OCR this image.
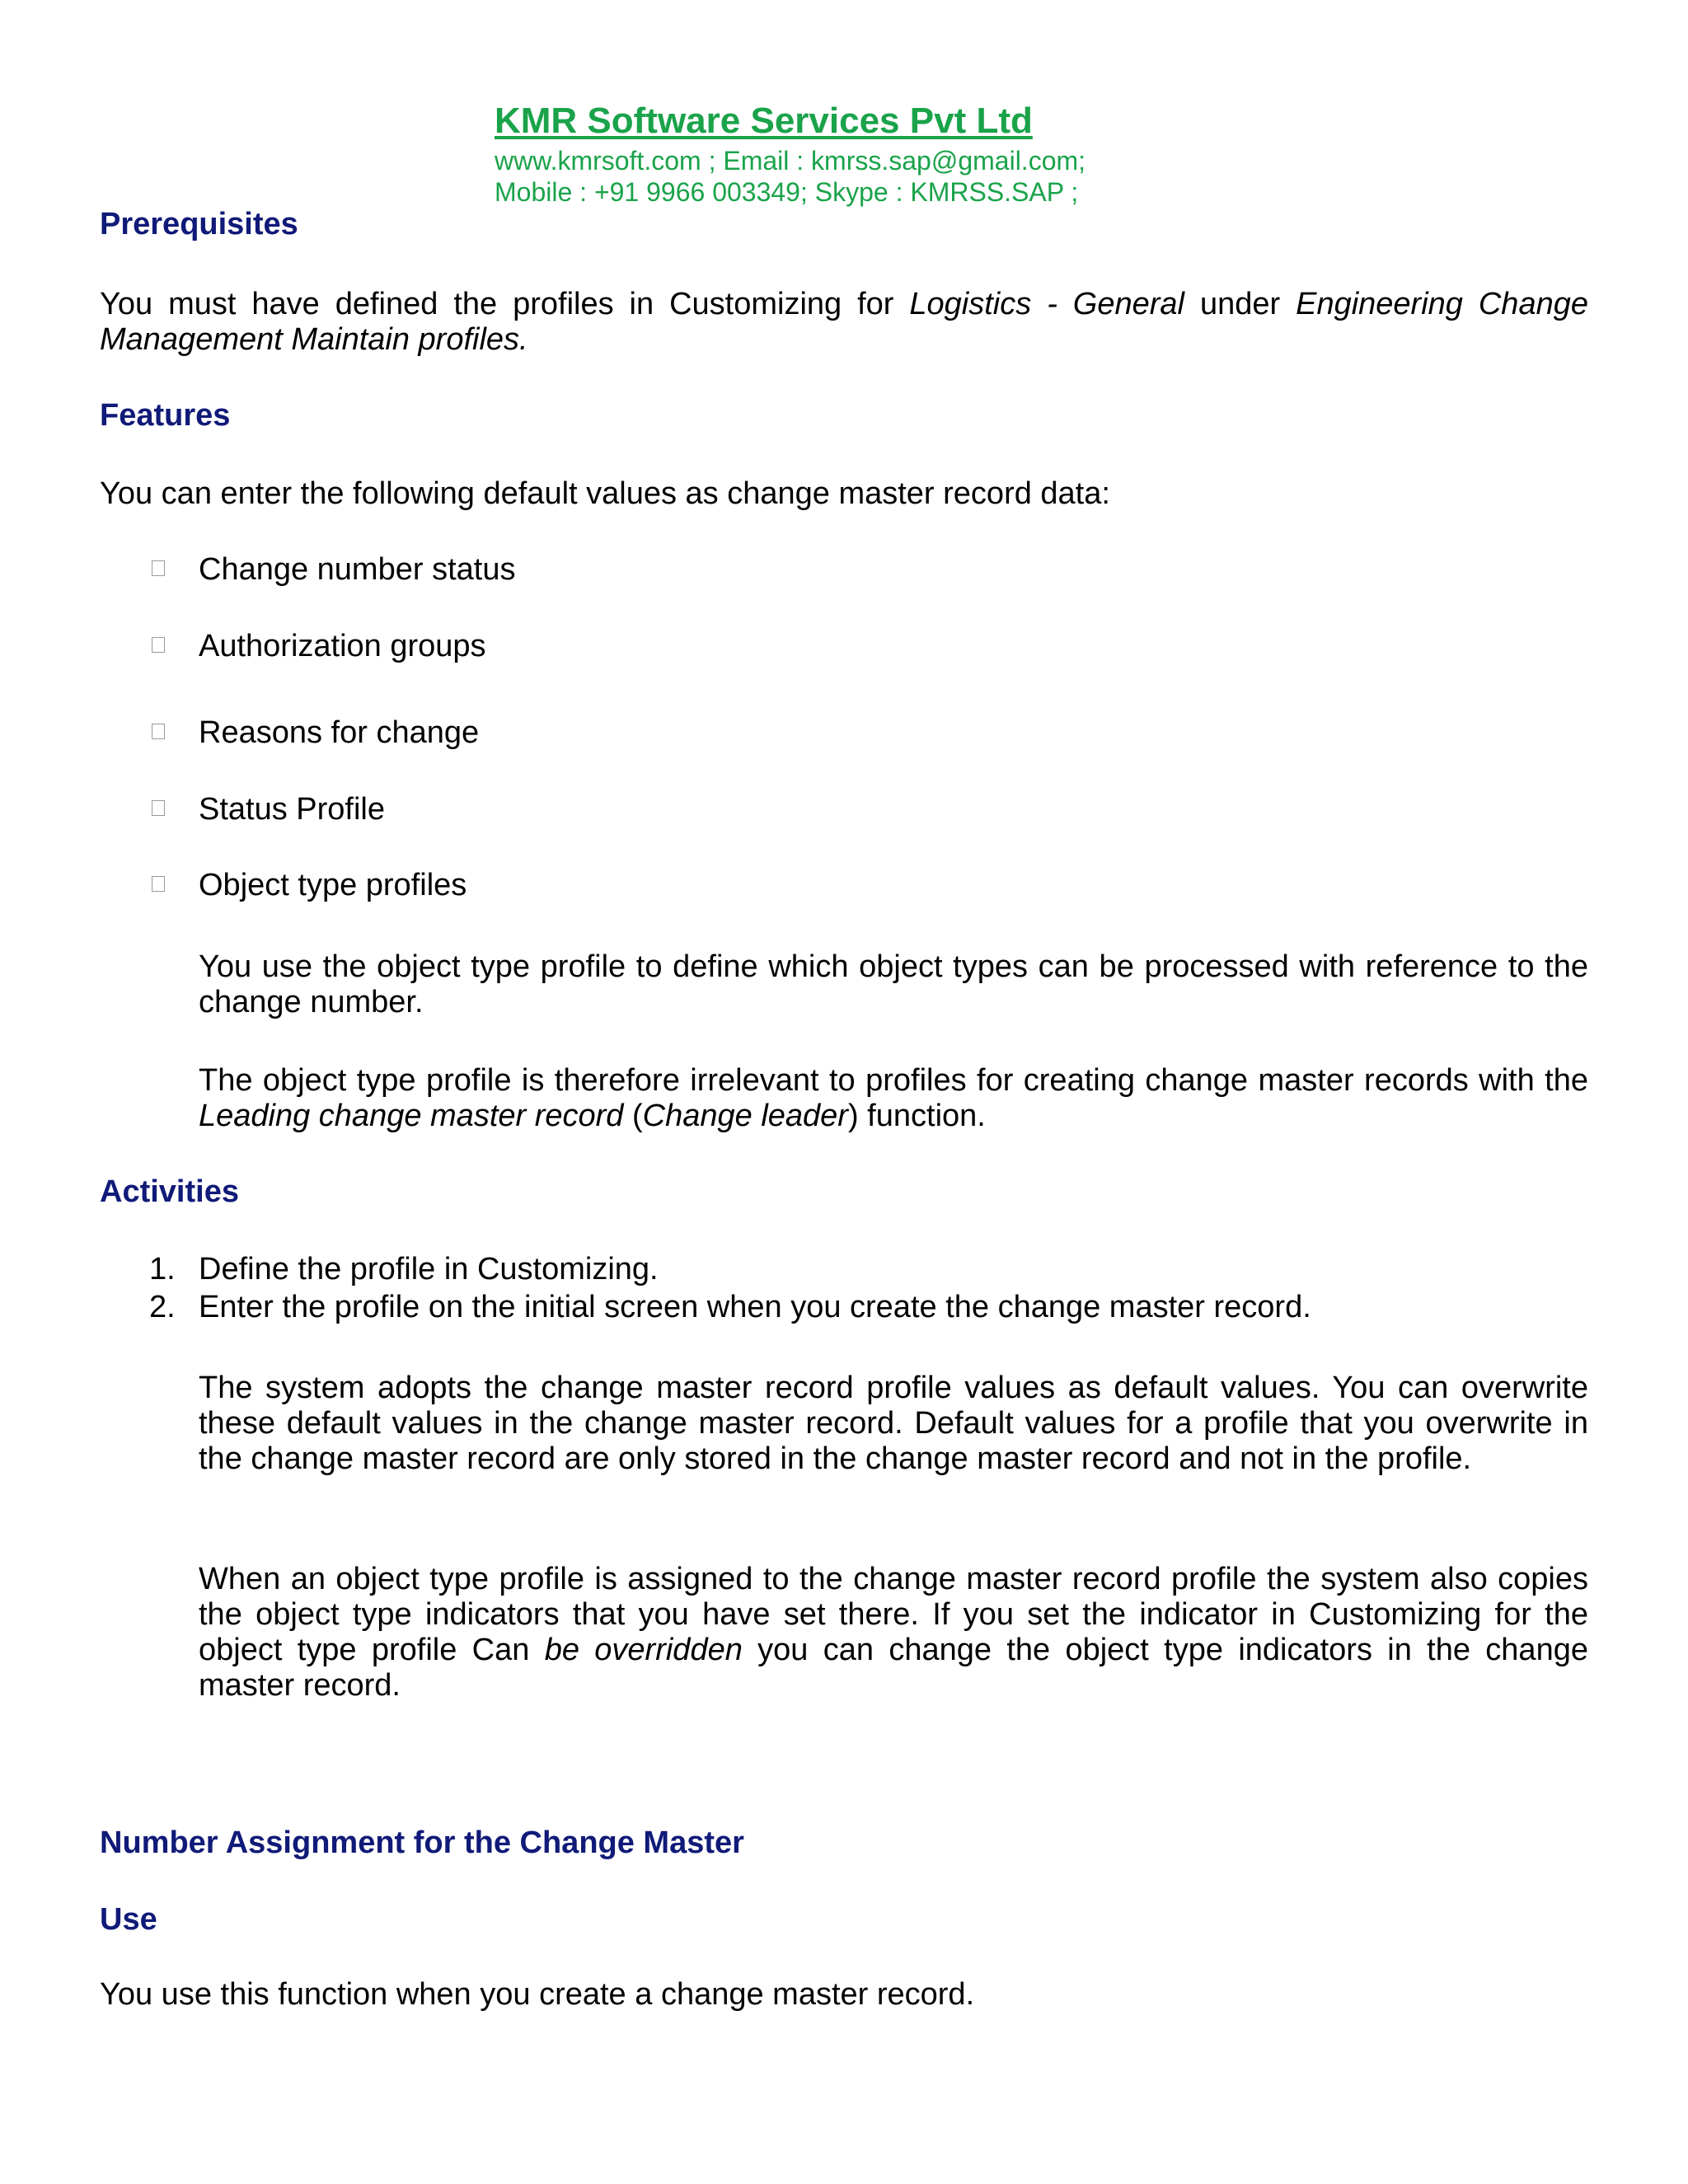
KMR Software Services Pvt Ltd
www.kmrsoft.com ; Email : kmrss.sap@gmail.com;
Mobile : +91 9966 003349; Skype : KMRSS.SAP ;
Prerequisites
You must have defined the profiles in Customizing for Logistics - General under Engineering Change Management Maintain profiles.
Features
You can enter the following default values as change master record data:
Change number status
Authorization groups
Reasons for change
Status Profile
Object type profiles
You use the object type profile to define which object types can be processed with reference to the change number.
The object type profile is therefore irrelevant to profiles for creating change master records with the Leading change master record (Change leader) function.
Activities
1. Define the profile in Customizing.
2. Enter the profile on the initial screen when you create the change master record.
The system adopts the change master record profile values as default values. You can overwrite these default values in the change master record. Default values for a profile that you overwrite in the change master record are only stored in the change master record and not in the profile.
When an object type profile is assigned to the change master record profile the system also copies the object type indicators that you have set there. If you set the indicator in Customizing for the object type profile Can be overridden you can change the object type indicators in the change master record.
Number Assignment for the Change Master
Use
You use this function when you create a change master record.
